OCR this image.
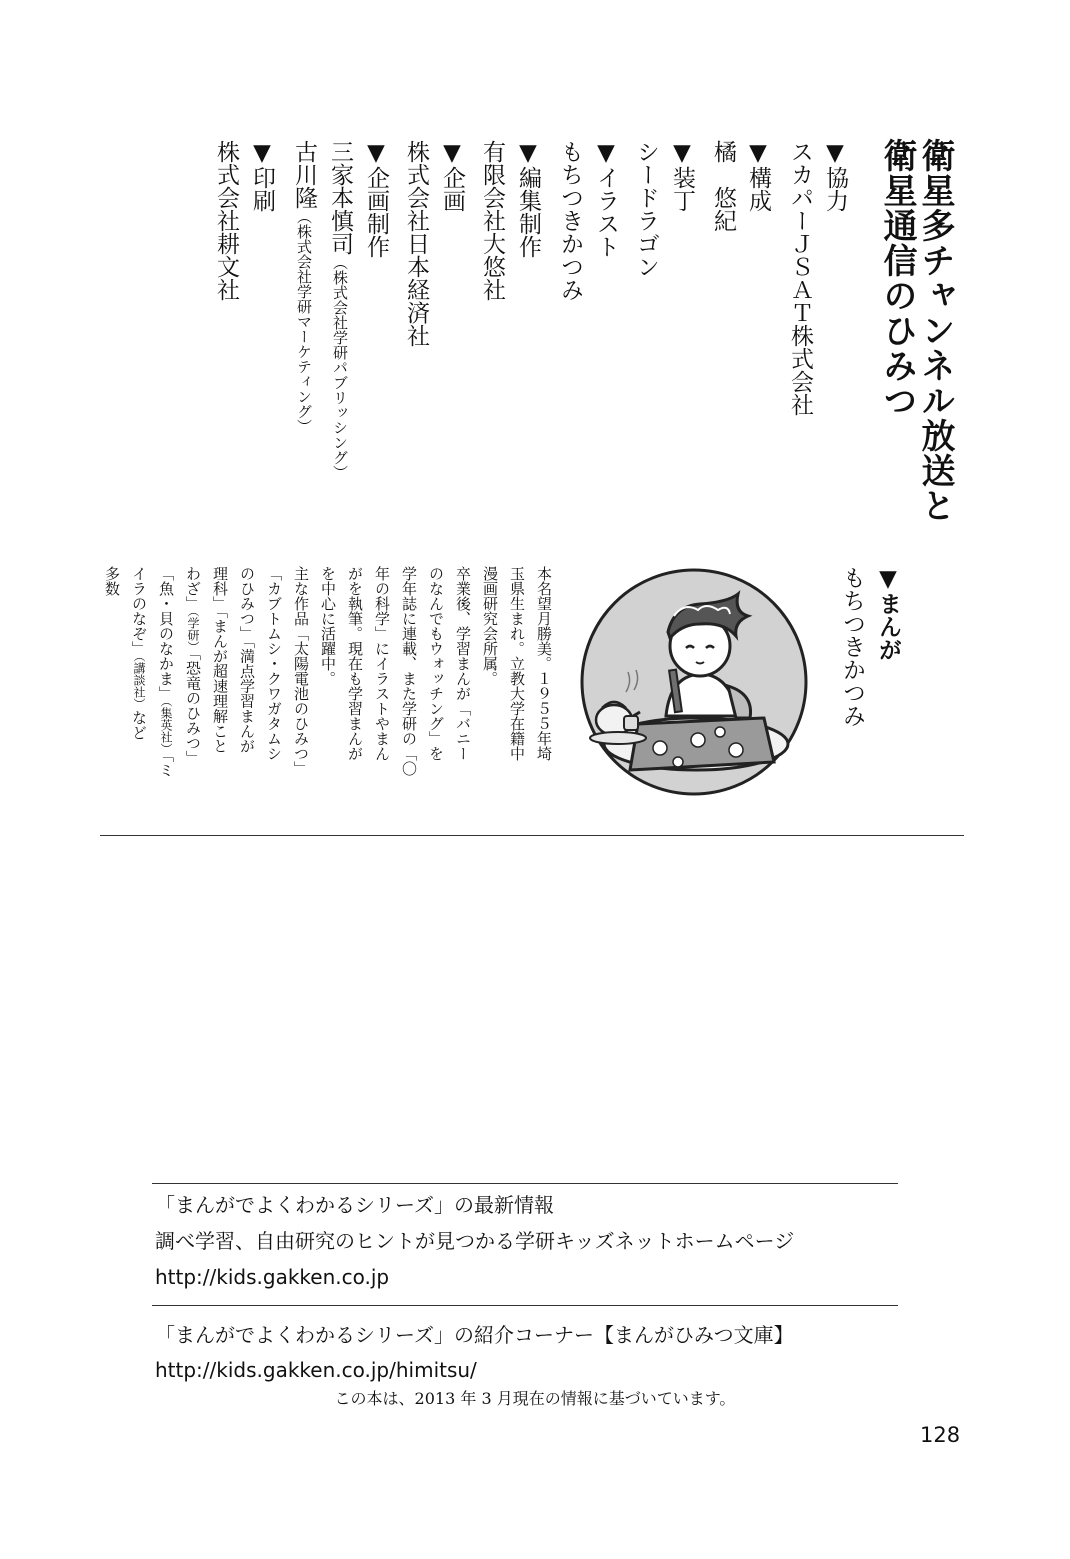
衛星多チャンネル放送と
衛星通信のひみつ
▼協力
スカパーＪＳＡＴ株式会社
▼構成
橘　悠紀
▼装丁
シードラゴン
▼イラスト
もちつきかつみ
▼編集制作
有限会社大悠社
▼企画
株式会社日本経済社
▼企画制作
三家本慎司（株式会社学研パブリッシング）
古川隆（株式会社学研マーケティング）
▼印刷
株式会社耕文社
▼まんが
もちつきかつみ
本名望月勝美。１９５５年埼
玉県生まれ。立教大学在籍中
漫画研究会所属。
卒業後、学習まんが「バニー
のなんでもウォッチング」を
学年誌に連載、また学研の「〇
年の科学」にイラストやまん
がを執筆。現在も学習まんが
を中心に活躍中。
主な作品「太陽電池のひみつ」
「カブトムシ・クワガタムシ
のひみつ」「満点学習まんが
理科」「まんが超速理解こと
わざ」（学研）「恐竜のひみつ」
「魚・貝のなかま」（集英社）「ミ
イラのなぞ」（講談社）など
多数
「まんがでよくわかるシリーズ」の最新情報
調べ学習、自由研究のヒントが見つかる学研キッズネットホームページ
http://kids.gakken.co.jp
「まんがでよくわかるシリーズ」の紹介コーナー【まんがひみつ文庫】
http://kids.gakken.co.jp/himitsu/
この本は、2013 年 3 月現在の情報に基づいています。
128
